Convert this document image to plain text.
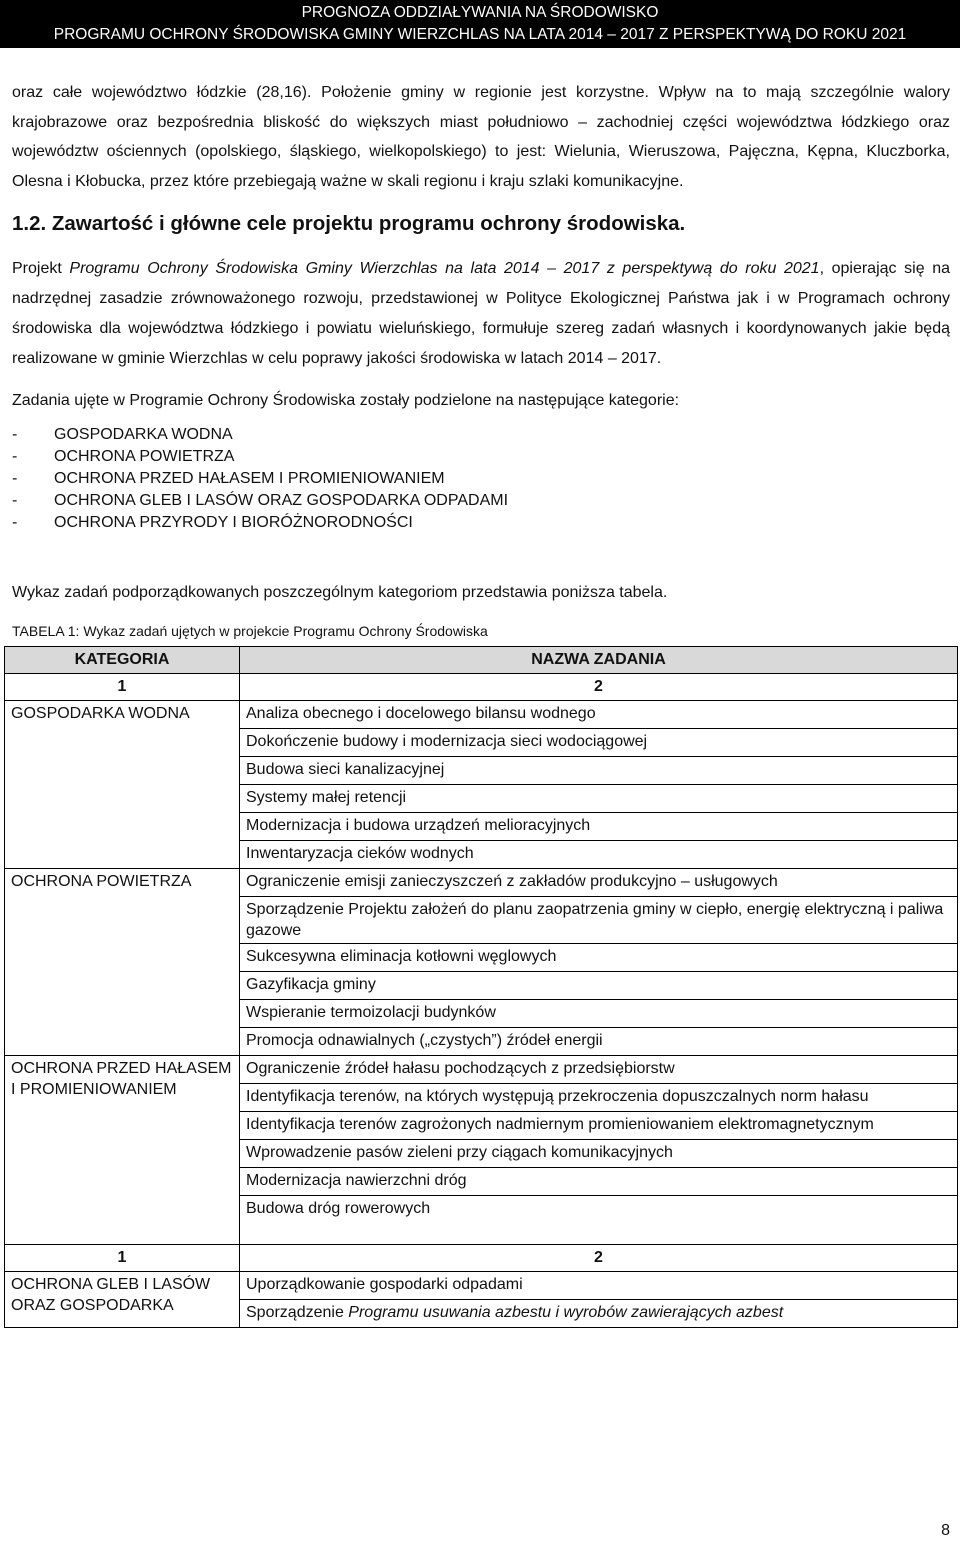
PROGNOZA ODDZIAŁYWANIA NA ŚRODOWISKO
PROGRAMU OCHRONY ŚRODOWISKA GMINY WIERZCHLAS NA LATA 2014 – 2017 Z PERSPEKTYWĄ DO ROKU 2021

oraz całe województwo łódzkie (28,16). Położenie gminy w regionie jest korzystne. Wpływ na to mają szczególnie walory krajobrazowe oraz bezpośrednia bliskość do większych miast południowo – zachodniej części województwa łódzkiego oraz województw ościennych (opolskiego, śląskiego, wielkopolskiego) to jest: Wielunia, Wieruszowa, Pajęczna, Kępna, Kluczborka, Olesna i Kłobucka, przez które przebiegają ważne w skali regionu i kraju szlaki komunikacyjne.

1.2. Zawartość i główne cele projektu programu ochrony środowiska.

Projekt Programu Ochrony Środowiska Gminy Wierzchlas na lata 2014 – 2017 z perspektywą do roku 2021, opierając się na nadrzędnej zasadzie zrównoważonego rozwoju, przedstawionej w Polityce Ekologicznej Państwa jak i w Programach ochrony środowiska dla województwa łódzkiego i powiatu wieluńskiego, formułuje szereg zadań własnych i koordynowanych jakie będą realizowane w gminie Wierzchlas w celu poprawy jakości środowiska w latach 2014 – 2017.

Zadania ujęte w Programie Ochrony Środowiska zostały podzielone na następujące kategorie:

-	GOSPODARKA WODNA
-	OCHRONA POWIETRZA
-	OCHRONA PRZED HAŁASEM I PROMIENIOWANIEM
-	OCHRONA GLEB I LASÓW ORAZ GOSPODARKA ODPADAMI
-	OCHRONA PRZYRODY I BIORÓŻNORODNOŚCI

Wykaz zadań podporządkowanych poszczególnym kategoriom przedstawia poniższa tabela.

TABELA 1: Wykaz zadań ujętych w projekcie Programu Ochrony Środowiska

KATEGORIA	NAZWA ZADANIA
1	2
GOSPODARKA WODNA	Analiza obecnego i docelowego bilansu wodnego
	Dokończenie budowy i modernizacja sieci wodociągowej
	Budowa sieci kanalizacyjnej
	Systemy małej retencji
	Modernizacja i budowa urządzeń melioracyjnych
	Inwentaryzacja cieków wodnych
OCHRONA POWIETRZA	Ograniczenie emisji zanieczyszczeń z zakładów produkcyjno – usługowych
	Sporządzenie Projektu założeń do planu zaopatrzenia gminy w ciepło, energię elektryczną i paliwa gazowe
	Sukcesywna eliminacja kotłowni węglowych
	Gazyfikacja gminy
	Wspieranie termoizolacji budynków
	Promocja odnawialnych („czystych”) źródeł energii
OCHRONA PRZED HAŁASEM I PROMIENIOWANIEM	Ograniczenie źródeł hałasu pochodzących z przedsiębiorstw
	Identyfikacja terenów, na których występują przekroczenia dopuszczalnych norm hałasu
	Identyfikacja terenów zagrożonych nadmiernym promieniowaniem elektromagnetycznym
	Wprowadzenie pasów zieleni przy ciągach komunikacyjnych
	Modernizacja nawierzchni dróg
	Budowa dróg rowerowych
1	2
OCHRONA GLEB I LASÓW ORAZ GOSPODARKA	Uporządkowanie gospodarki odpadami
	Sporządzenie Programu usuwania azbestu i wyrobów zawierających azbest
8
